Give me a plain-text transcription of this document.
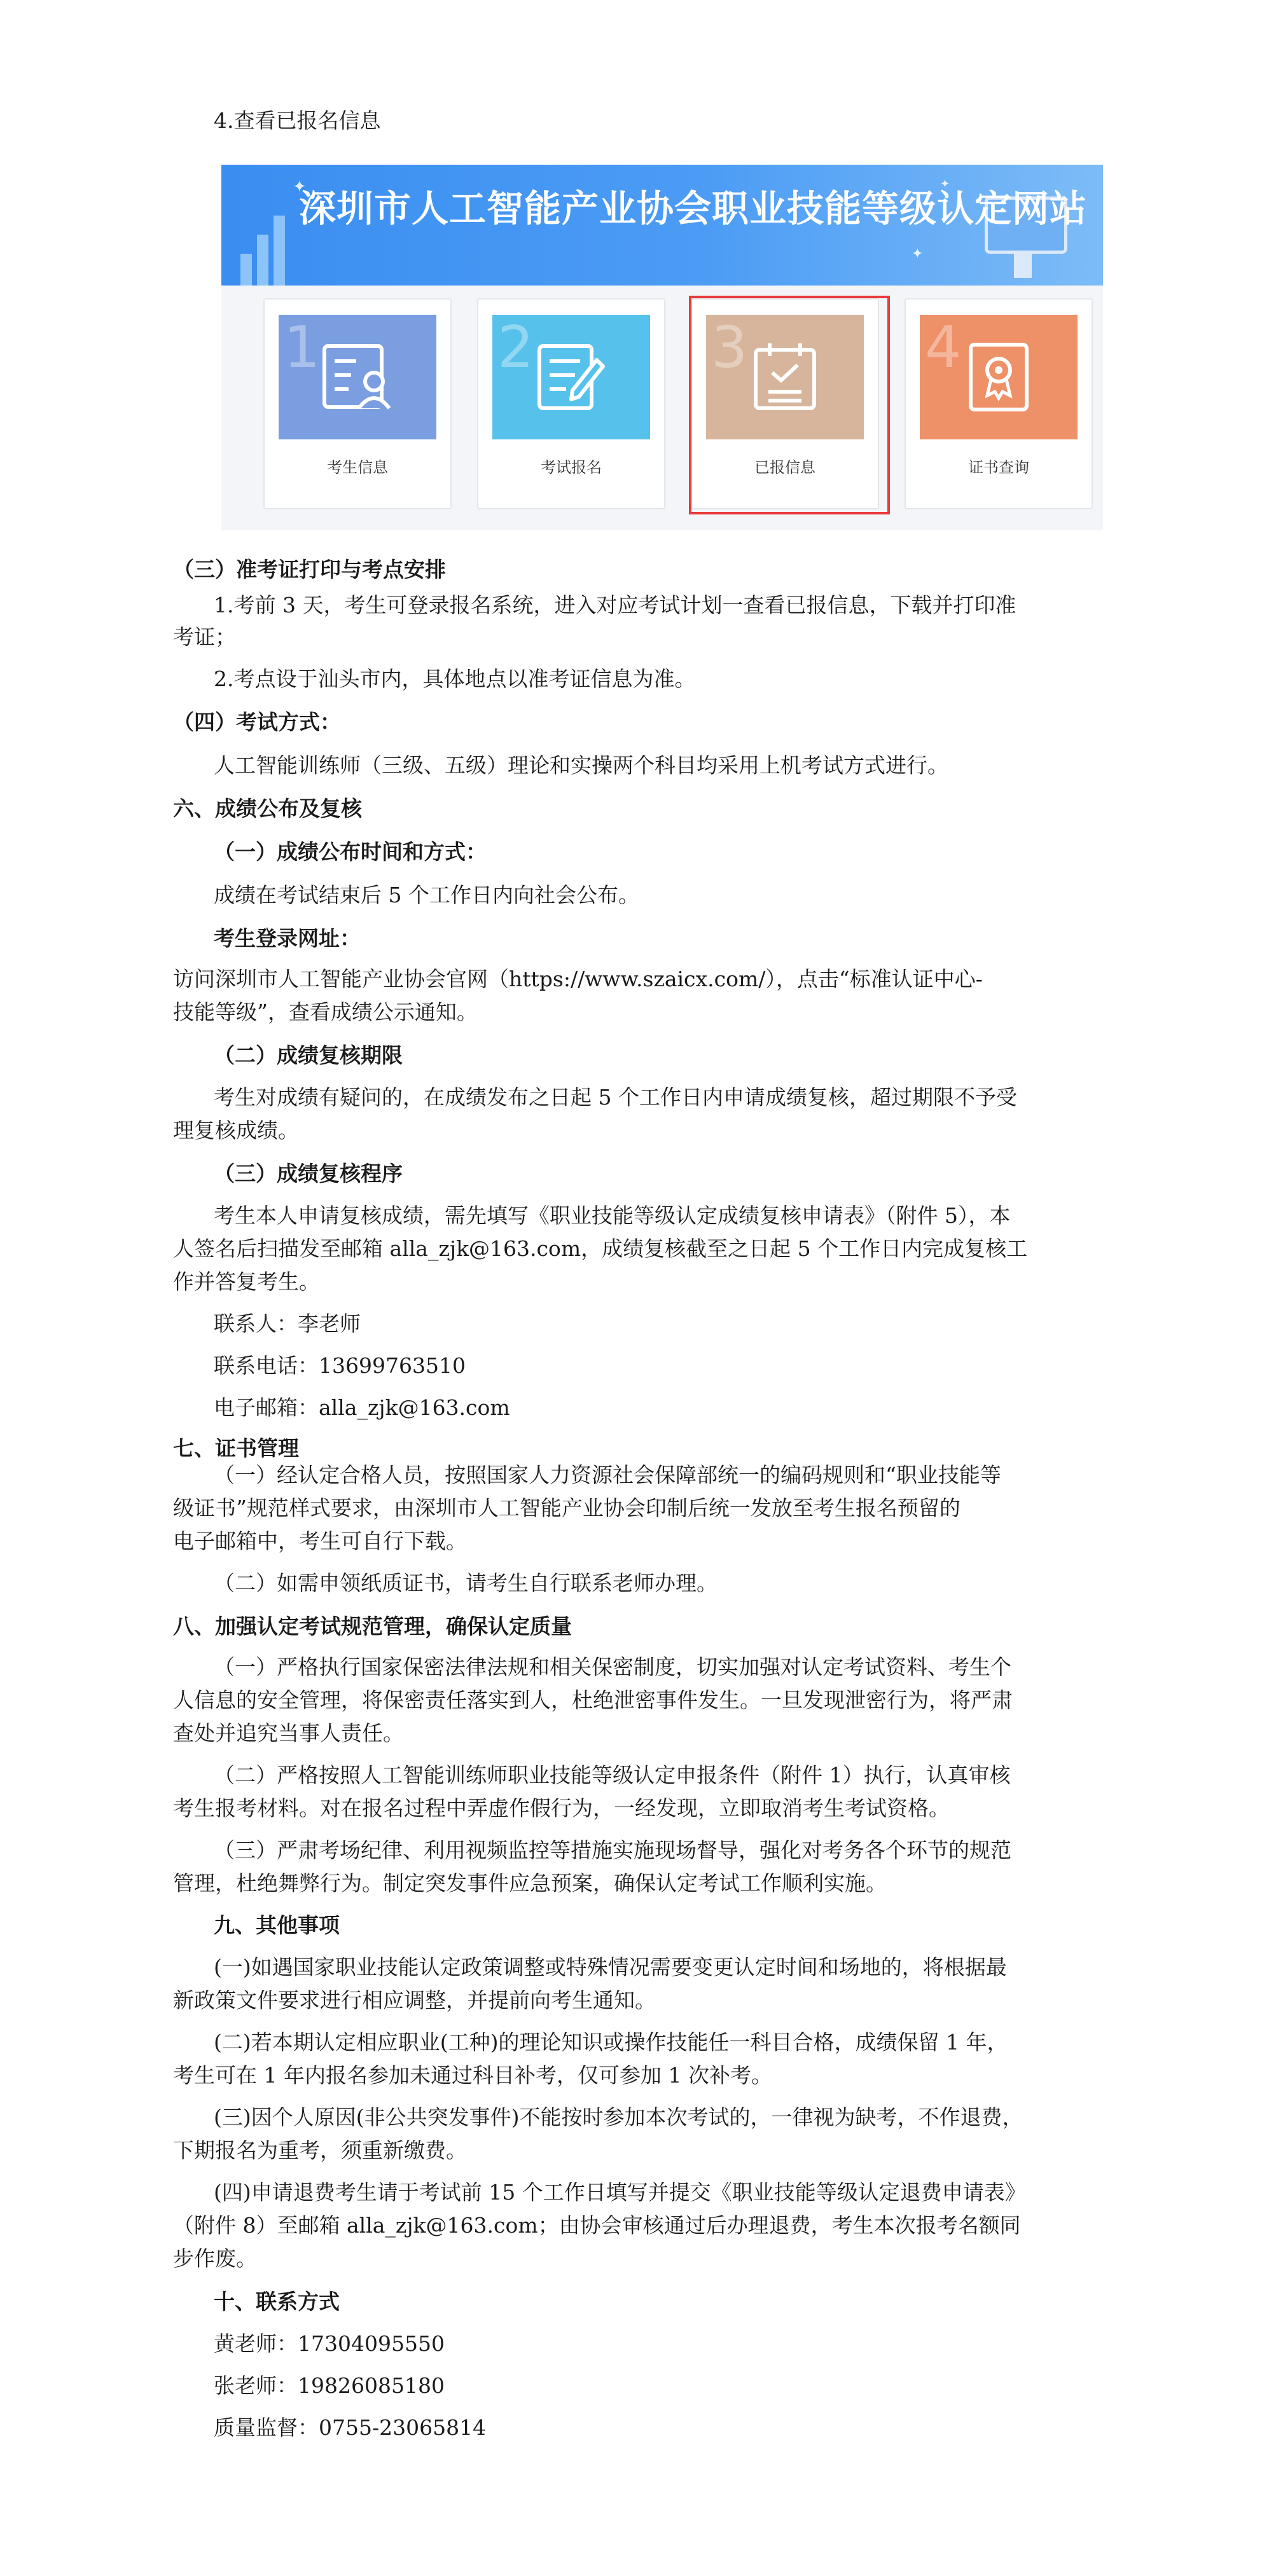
4.查看已报名信息
✦
✦
✦
深圳市人工智能产业协会职业技能等级认定网站
1
考生信息
2
考试报名
3
已报信息
4
证书查询
（三）准考证打印与考点安排
1.考前 3 天，考生可登录报名系统，进入对应考试计划一查看已报信息，下载并打印准
考证；
2.考点设于汕头市内，具体地点以准考证信息为准。
（四）考试方式：
人工智能训练师（三级、五级）理论和实操两个科目均采用上机考试方式进行。
六、成绩公布及复核
（一）成绩公布时间和方式：
成绩在考试结束后 5 个工作日内向社会公布。
考生登录网址：
访问深圳市人工智能产业协会官网（https://www.szaicx.com/），点击“标准认证中心-
技能等级”，查看成绩公示通知。
（二）成绩复核期限
考生对成绩有疑问的，在成绩发布之日起 5 个工作日内申请成绩复核，超过期限不予受
理复核成绩。
（三）成绩复核程序
考生本人申请复核成绩，需先填写《职业技能等级认定成绩复核申请表》（附件 5），本
人签名后扫描发至邮箱 alla_zjk@163.com，成绩复核截至之日起 5 个工作日内完成复核工
作并答复考生。
联系人：李老师
联系电话：13699763510
电子邮箱：alla_zjk@163.com
七、证书管理
（一）经认定合格人员，按照国家人力资源社会保障部统一的编码规则和“职业技能等
级证书”规范样式要求，由深圳市人工智能产业协会印制后统一发放至考生报名预留的
电子邮箱中，考生可自行下载。
（二）如需申领纸质证书，请考生自行联系老师办理。
八、加强认定考试规范管理，确保认定质量
（一）严格执行国家保密法律法规和相关保密制度，切实加强对认定考试资料、考生个
人信息的安全管理，将保密责任落实到人，杜绝泄密事件发生。一旦发现泄密行为，将严肃
查处并追究当事人责任。
（二）严格按照人工智能训练师职业技能等级认定申报条件（附件 1）执行，认真审核
考生报考材料。对在报名过程中弄虚作假行为，一经发现，立即取消考生考试资格。
（三）严肃考场纪律、利用视频监控等措施实施现场督导，强化对考务各个环节的规范
管理，杜绝舞弊行为。制定突发事件应急预案，确保认定考试工作顺利实施。
九、其他事项
(一)如遇国家职业技能认定政策调整或特殊情况需要变更认定时间和场地的，将根据最
新政策文件要求进行相应调整，并提前向考生通知。
(二)若本期认定相应职业(工种)的理论知识或操作技能任一科目合格，成绩保留 1 年，
考生可在 1 年内报名参加未通过科目补考，仅可参加 1 次补考。
(三)因个人原因(非公共突发事件)不能按时参加本次考试的，一律视为缺考，不作退费，
下期报名为重考，须重新缴费。
(四)申请退费考生请于考试前 15 个工作日填写并提交《职业技能等级认定退费申请表》
（附件 8）至邮箱 alla_zjk@163.com；由协会审核通过后办理退费，考生本次报考名额同
步作废。
十、联系方式
黄老师：17304095550
张老师：19826085180
质量监督：0755-23065814
